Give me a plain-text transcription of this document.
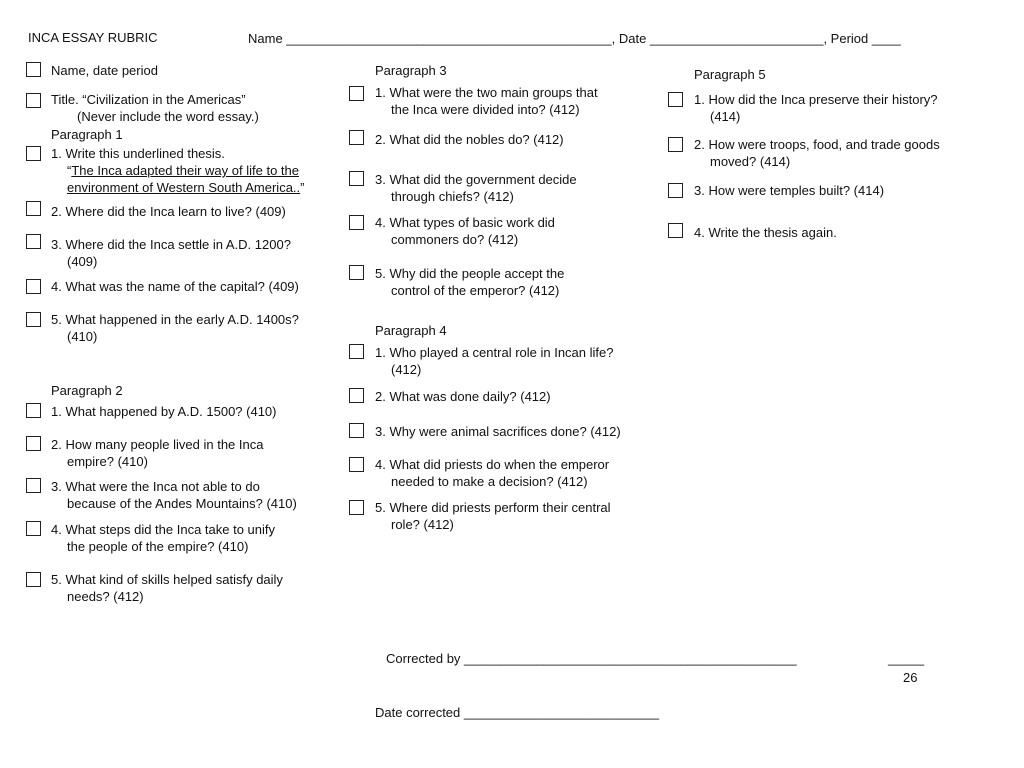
INCA ESSAY RUBRIC	Name _____________________________________________, Date ________________________, Period ____
Name, date period
Title. “Civilization in the Americas”
(Never include the word essay.)
Paragraph 1
1. Write this underlined thesis.
“The Inca adapted their way of life to the
environment of Western South America..”
2. Where did the Inca learn to live? (409)
3. Where did the Inca settle in A.D. 1200?
(409)
4. What was the name of the capital? (409)
5. What happened in the early A.D. 1400s?
(410)
Paragraph 2
1. What happened by A.D. 1500? (410)
2. How many people lived in the Inca
empire? (410)
3. What were the Inca not able to do
because of the Andes Mountains? (410)
4. What steps did the Inca take to unify
the people of the empire? (410)
5. What kind of skills helped satisfy daily
needs? (412)
Paragraph 3
1. What were the two main groups that
the Inca were divided into? (412)
2. What did the nobles do? (412)
3. What did the government decide
through chiefs? (412)
4. What types of basic work did
commoners do? (412)
5. Why did the people accept the
control of the emperor? (412)
Paragraph 4
1. Who played a central role in Incan life?
(412)
2. What was done daily? (412)
3. Why were animal sacrifices done? (412)
4. What did priests do when the emperor
needed to make a decision? (412)
5. Where did priests perform their central
role? (412)
Paragraph 5
1. How did the Inca preserve their history?
(414)
2. How were troops, food, and trade goods
moved? (414)
3. How were temples built? (414)
4. Write the thesis again.
Corrected by ______________________________________________	_____
26
Date corrected ___________________________
